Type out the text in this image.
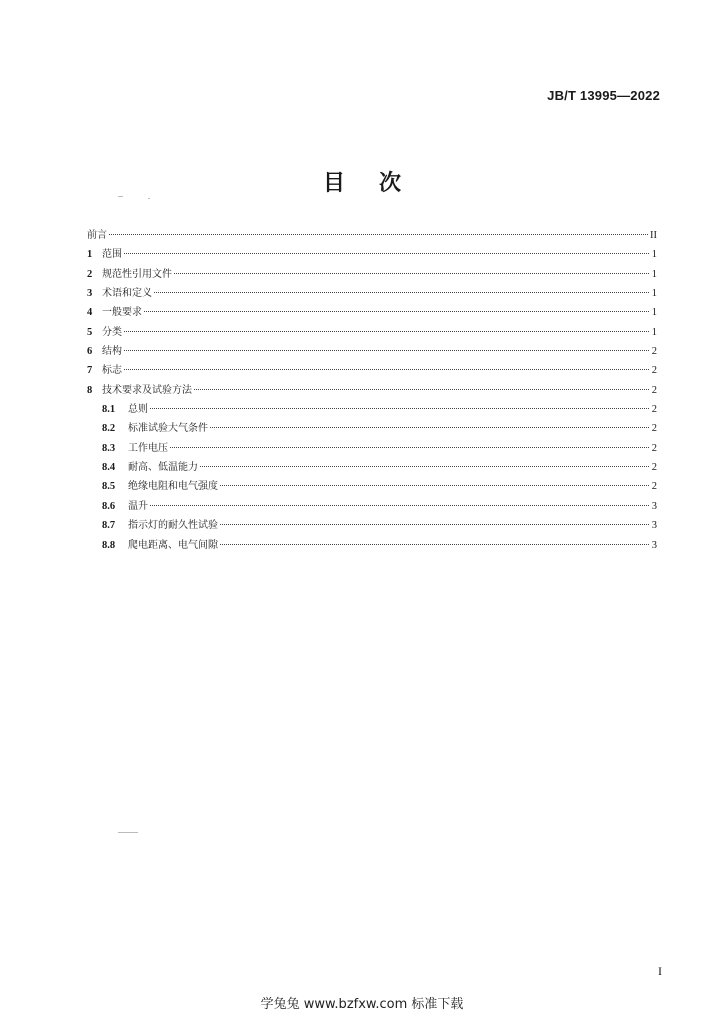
JB/T 13995—2022
目次
前言	II
1 范围	1
2 规范性引用文件	1
3 术语和定义	1
4 一般要求	1
5 分类	1
6 结构	2
7 标志	2
8 技术要求及试验方法	2
8.1	总则	2
8.2	标准试验大气条件	2
8.3	工作电压	2
8.4	耐高、低温能力	2
8.5	绝缘电阻和电气强度	2
8.6	温升	3
8.7	指示灯的耐久性试验	3
8.8	爬电距离、电气间隙	3
I
学兔兔 www.bzfxw.com 标准下载
